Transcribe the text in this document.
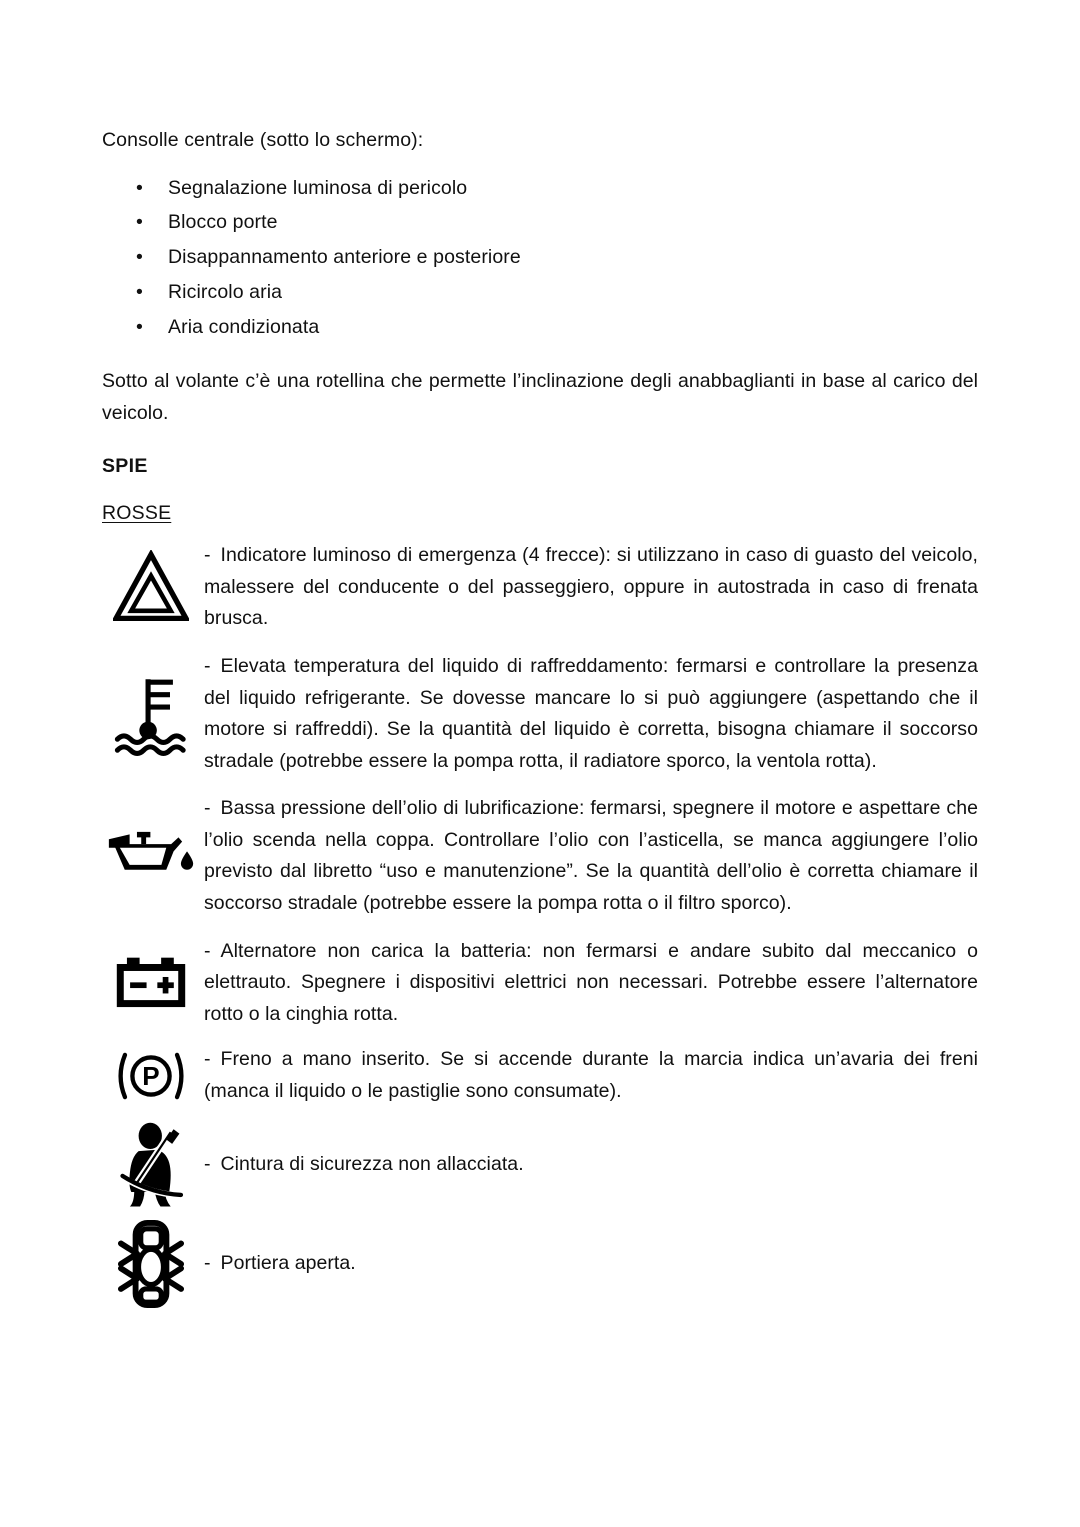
Consolle centrale (sotto lo schermo):

• Segnalazione luminosa di pericolo
• Blocco porte
• Disappannamento anteriore e posteriore
• Ricircolo aria
• Aria condizionata

Sotto al volante c’è una rotellina che permette l’inclinazione degli anabbaglianti in base al carico del veicolo.

SPIE

ROSSE

- Indicatore luminoso di emergenza (4 frecce): si utilizzano in caso di guasto del veicolo, malessere del conducente o del passeggiero, oppure in autostrada in caso di frenata brusca.
- Elevata temperatura del liquido di raffreddamento: fermarsi e controllare la presenza del liquido refrigerante. Se dovesse mancare lo si può aggiungere (aspettando che il motore si raffreddi). Se la quantità del liquido è corretta, bisogna chiamare il soccorso stradale (potrebbe essere la pompa rotta, il radiatore sporco, la ventola rotta).
- Bassa pressione dell’olio di lubrificazione: fermarsi, spegnere il motore e aspettare che l’olio scenda nella coppa. Controllare l’olio con l’asticella, se manca aggiungere l’olio previsto dal libretto “uso e manutenzione”. Se la quantità dell’olio è corretta chiamare il soccorso stradale (potrebbe essere la pompa rotta o il filtro sporco).
- Alternatore non carica la batteria: non fermarsi e andare subito dal meccanico o elettrauto. Spegnere i dispositivi elettrici non necessari. Potrebbe essere l’alternatore rotto o la cinghia rotta.
P
- Freno a mano inserito. Se si accende durante la marcia indica un’avaria dei freni (manca il liquido o le pastiglie sono consumate).
- Cintura di sicurezza non allacciata.
- Portiera aperta.
